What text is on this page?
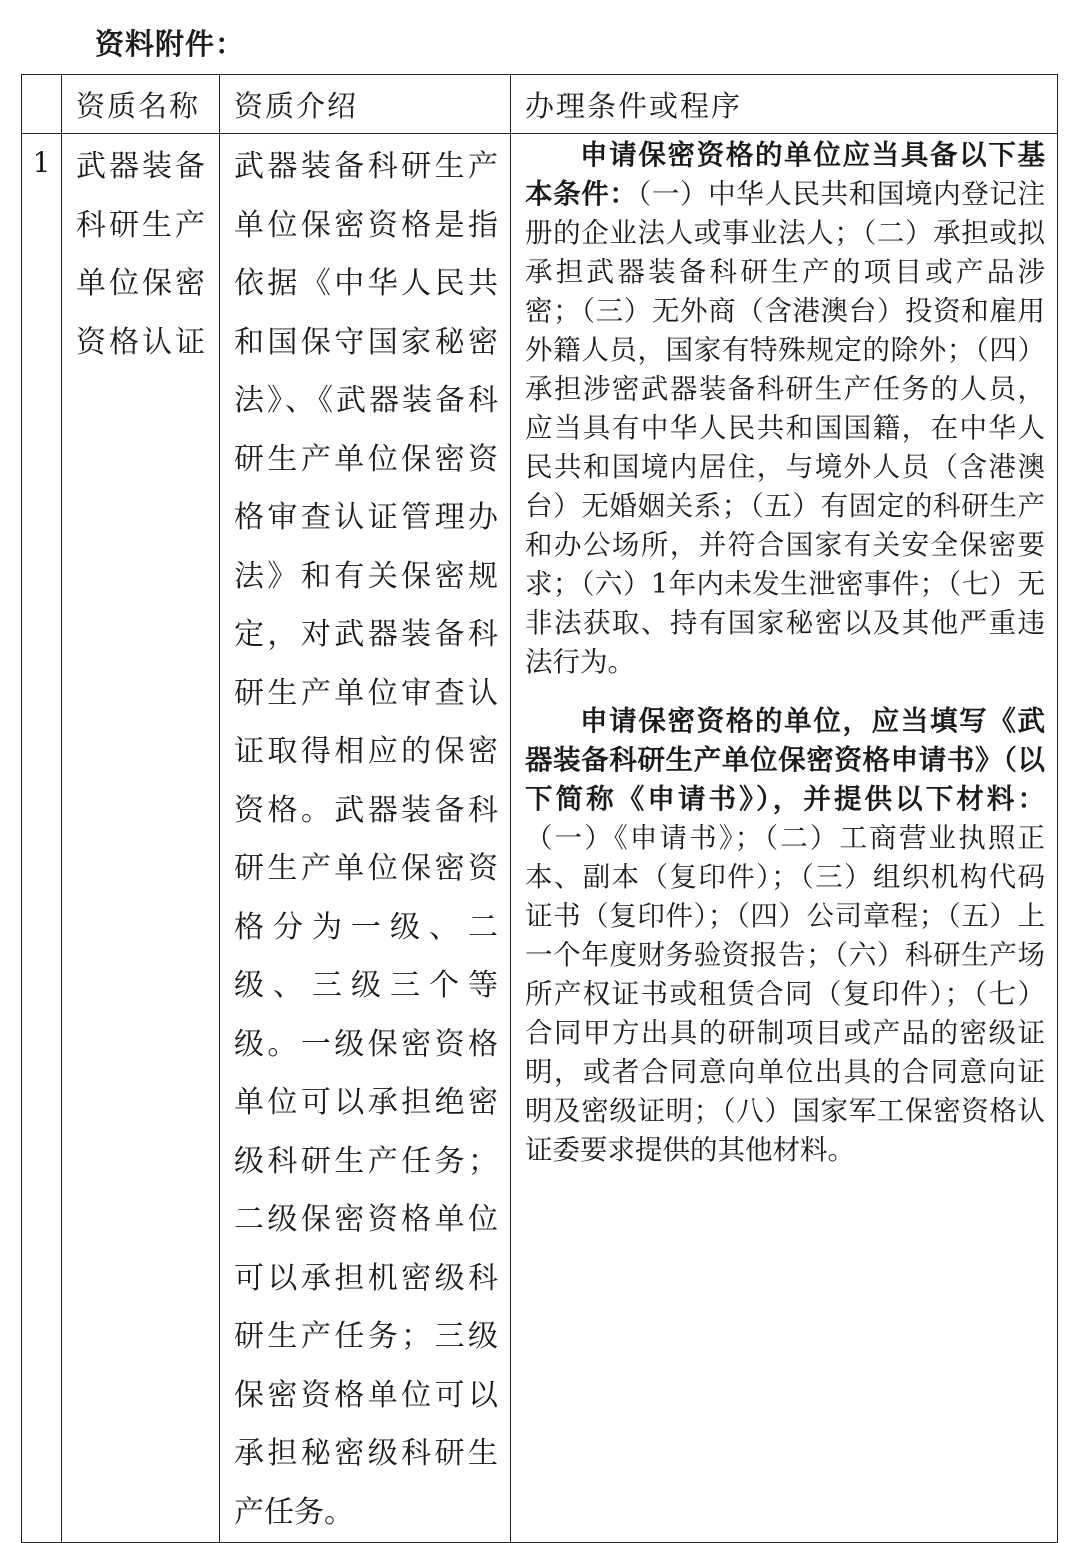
资料附件：
	资质名称	资质介绍	办理条件或程序
1	武器装备科研生产单位保密资格认证	武器装备科研生产单位保密资格是指依据《中华人民共和国保守国家秘密法》、《武器装备科研生产单位保密资格审查认证管理办法》和有关保密规定，对武器装备科研生产单位审查认证取得相应的保密资格。武器装备科研生产单位保密资格分为一级、二级、三级三个等级。一级保密资格单位可以承担绝密级科研生产任务；二级保密资格单位可以承担机密级科研生产任务；三级保密资格单位可以承担秘密级科研生产任务。	申请保密资格的单位应当具备以下基本条件：（一）中华人民共和国境内登记注册的企业法人或事业法人；（二）承担或拟承担武器装备科研生产的项目或产品涉密；（三）无外商（含港澳台）投资和雇用外籍人员，国家有特殊规定的除外；（四）承担涉密武器装备科研生产任务的人员，应当具有中华人民共和国国籍，在中华人民共和国境内居住，与境外人员（含港澳台）无婚姻关系；（五）有固定的科研生产和办公场所，并符合国家有关安全保密要求；（六）1年内未发生泄密事件；（七）无非法获取、持有国家秘密以及其他严重违法行为。

申请保密资格的单位，应当填写《武器装备科研生产单位保密资格申请书》（以下简称《申请书》），并提供以下材料：（一）《申请书》；（二）工商营业执照正本、副本（复印件）；（三）组织机构代码证书（复印件）；（四）公司章程；（五）上一个年度财务验资报告；（六）科研生产场所产权证书或租赁合同（复印件）；（七）合同甲方出具的研制项目或产品的密级证明，或者合同意向单位出具的合同意向证明及密级证明；（八）国家军工保密资格认证委要求提供的其他材料。
